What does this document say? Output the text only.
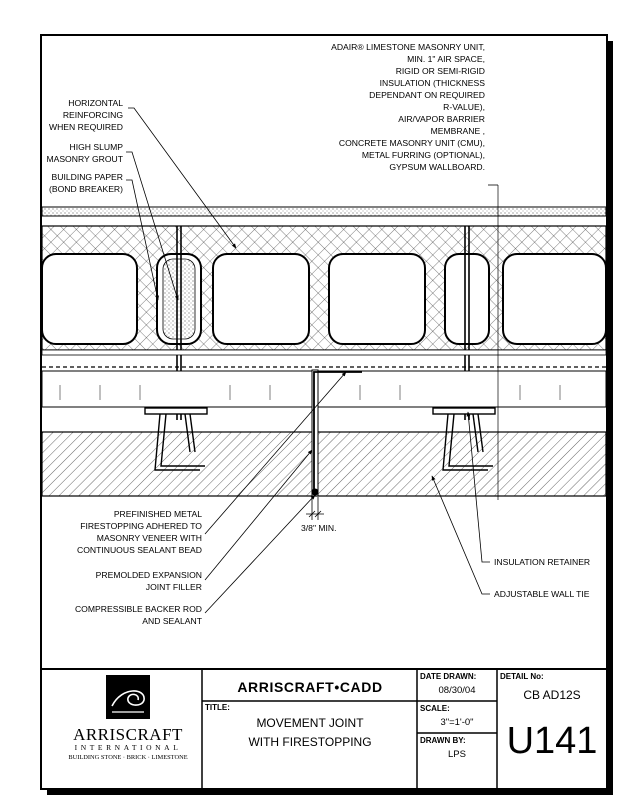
3/8" MIN.
HORIZONTAL
REINFORCING
WHEN REQUIRED
HIGH SLUMP
MASONRY GROUT
BUILDING PAPER
(BOND BREAKER)
ADAIR® LIMESTONE MASONRY UNIT,
MIN. 1" AIR SPACE,
RIGID OR SEMI-RIGID
INSULATION (THICKNESS
DEPENDANT ON REQUIRED
R-VALUE),
AIR/VAPOR BARRIER
MEMBRANE ,
CONCRETE MASONRY UNIT (CMU),
METAL FURRING (OPTIONAL),
GYPSUM WALLBOARD.
PREFINISHED METAL
FIRESTOPPING ADHERED TO
MASONRY VENEER WITH
CONTINUOUS SEALANT BEAD
PREMOLDED EXPANSION
JOINT FILLER
COMPRESSIBLE BACKER ROD
AND SEALANT
INSULATION RETAINER
ADJUSTABLE WALL TIE
ARRISCRAFT
INTERNATIONAL
BUILDING STONE · BRICK · LIMESTONE
ARRISCRAFT•CADD
TITLE:
MOVEMENT JOINT
WITH FIRESTOPPING
DATE DRAWN:
08/30/04
SCALE:
3"=1'-0"
DRAWN BY:
LPS
DETAIL No:
CB AD12S
U141
